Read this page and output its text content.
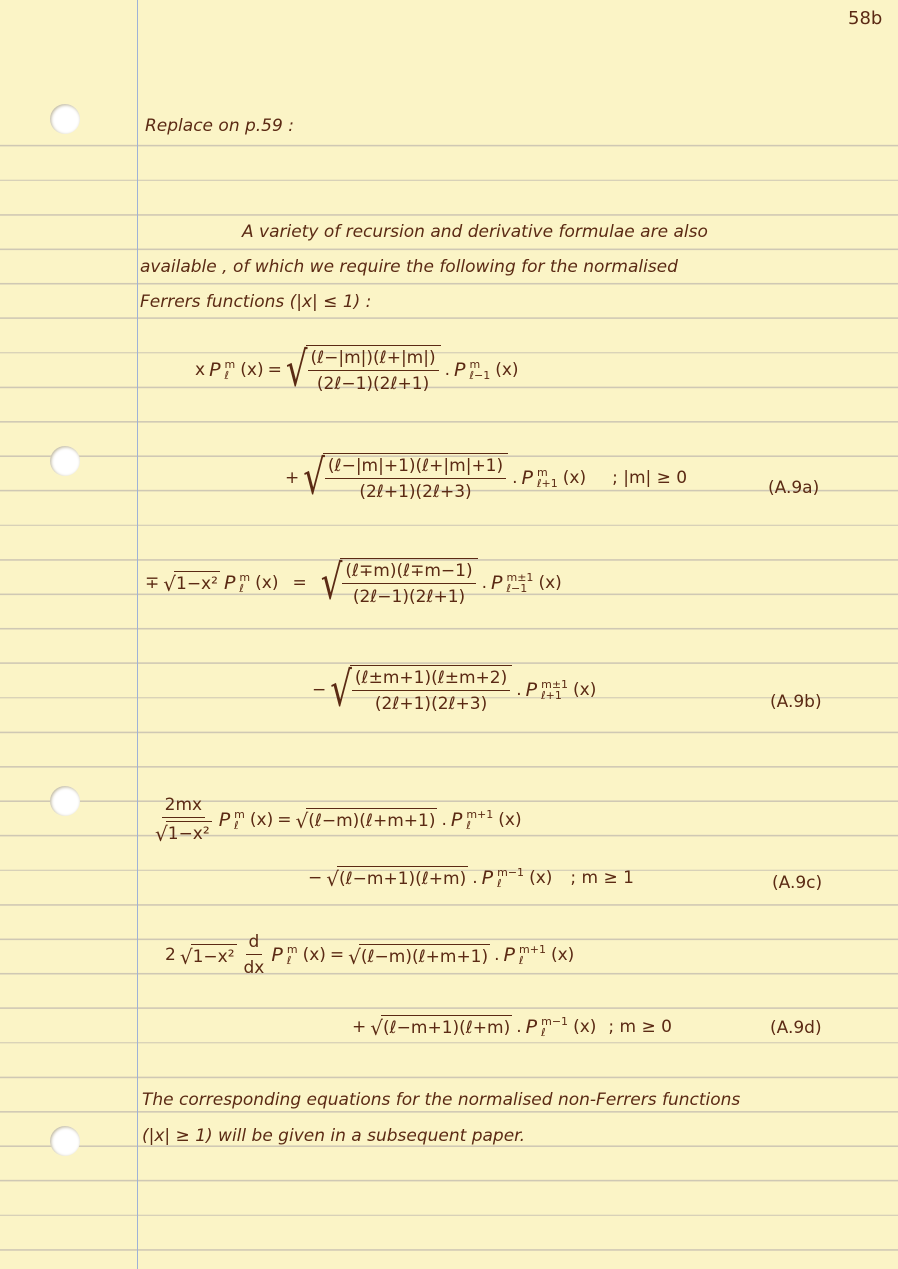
58b
Replace on p.59 :
A variety of recursion and derivative formulae are also
available , of which we require the following for the normalised
Ferrers functions (|x| ≤ 1) :
x P m
ℓ (x) = √
$\frac{\text{(ℓ−|m|)(ℓ+|m|)}}{\text{(2ℓ−1)(2ℓ+1)}}$ . P m
ℓ−1 (x)
+ √
$\frac{\text{(ℓ−|m|+1)(ℓ+|m|+1)}}{\text{(2ℓ+1)(2ℓ+3)}}$ . P m
ℓ+1 (x) ; |m| ≥ 0
(A.9a)
∓ √ 1−x² P m
ℓ (x) = √
$\frac{\text{(ℓ∓m)(ℓ∓m−1)}}{\text{(2ℓ−1)(2ℓ+1)}}$ . P m±1
ℓ−1 (x)
− √
$\frac{\text{(ℓ±m+1)(ℓ±m+2)}}{\text{(2ℓ+1)(2ℓ+3)}}$ . P m±1
ℓ+1 (x)
(A.9b)
$\frac{2mx}{\text{√ 1−x²}}$ P m
ℓ (x) = √ (ℓ−m)(ℓ+m+1) . P m+1
ℓ	(x)
− √ (ℓ−m+1)(ℓ+m) . P m−1
ℓ	(x) ; m ≥ 1	(A.9c)
2 √ $1-x^2 \frac{d}{dx}$ P m
ℓ (x) = √ (ℓ−m)(ℓ+m+1) . P m+1
ℓ	(x)
+ √ (ℓ−m+1)(ℓ+m) . P m−1
ℓ	(x) ; m ≥ 0	(A.9d)
The corresponding equations for the normalised non-Ferrers functions
(|x| ≥ 1) will be given in a subsequent paper.
